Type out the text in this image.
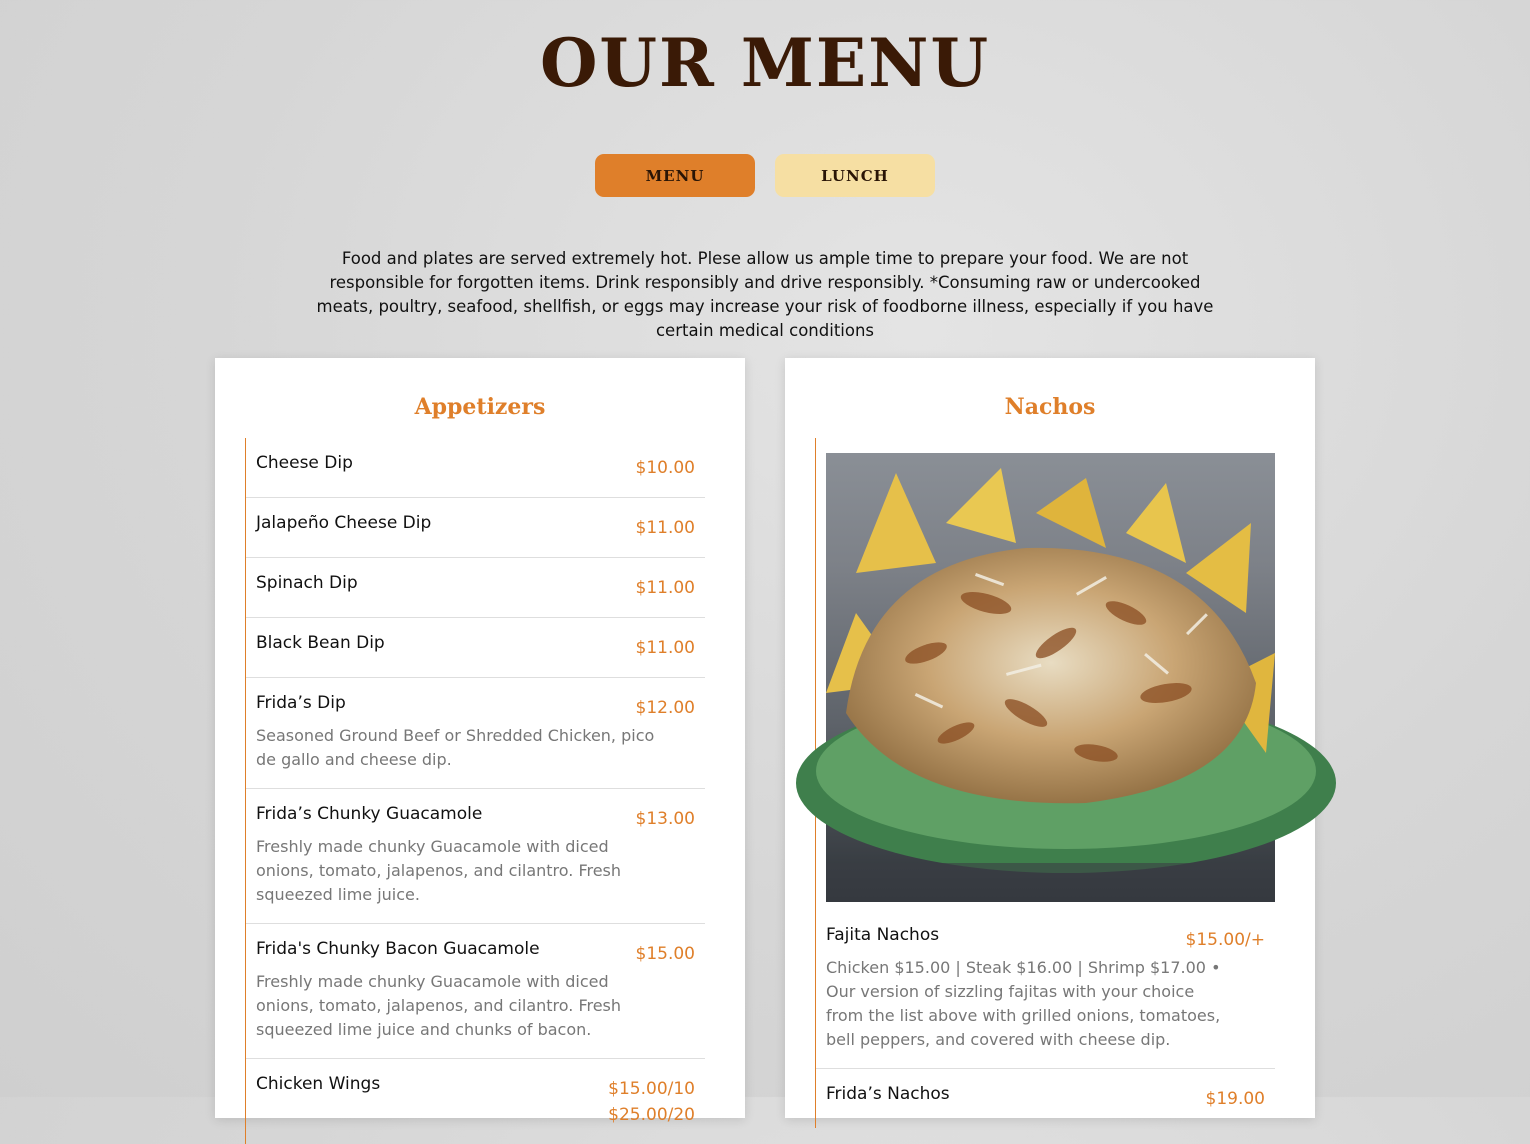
OUR MENU
MENU	LUNCH

Food and plates are served extremely hot. Plese allow us ample time to prepare your food. We are not responsible for forgotten items. Drink responsibly and drive responsibly. *Consuming raw or undercooked meats, poultry, seafood, shellfish, or eggs may increase your risk of foodborne illness, especially if you have certain medical conditions

Appetizers
Cheese Dip	$10.00
Jalapeño Cheese Dip	$11.00
Spinach Dip	$11.00
Black Bean Dip	$11.00
Frida’s Dip	$12.00

Seasoned Ground Beef or Shredded Chicken, pico de gallo and cheese dip.

Frida’s Chunky Guacamole	$13.00

Freshly made chunky Guacamole with diced onions, tomato, jalapenos, and cilantro. Fresh squeezed lime juice.

Frida's Chunky Bacon Guacamole	$15.00

Freshly made chunky Guacamole with diced onions, tomato, jalapenos, and cilantro. Fresh squeezed lime juice and chunks of bacon.

Chicken Wings	$15.00/10
$25.00/20
Nachos
Fajita Nachos	$15.00/+

Chicken $15.00 | Steak $16.00 | Shrimp $17.00 • Our version of sizzling fajitas with your choice from the list above with grilled onions, tomatoes, bell peppers, and covered with cheese dip.

Frida’s Nachos	$19.00
